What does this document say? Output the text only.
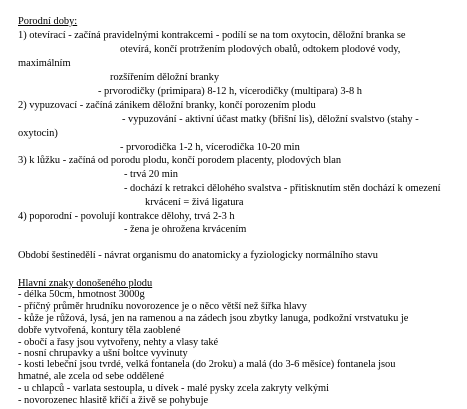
Porodní doby:
1) otevírací - začíná pravidelnými kontrakcemi - podílí se na tom oxytocin, děložní branka se
otevírá, končí protržením plodových obalů, odtokem plodové vody,
maximálním
rozšířením děložní branky
- prvorodičky (primipara) 8-12 h, vícerodičky (multipara) 3-8 h
2) vypuzovací - začíná zánikem děložní branky, končí porozením plodu
- vypuzování - aktivní účast matky (břišní lis), děložní svalstvo (stahy -
oxytocin)
- prvorodička 1-2 h, vícerodička 10-20 min
3) k lůžku - začíná od porodu plodu, končí porodem placenty, plodových blan
- trvá 20 min
- dochází k retrakci dělohého svalstva - přitisknutím stěn dochází k omezení
krvácení = živá ligatura
4) poporodní - povolují kontrakce dělohy, trvá 2-3 h
- žena je ohrožena krvácením
Období šestinedělí - návrat organismu do anatomicky a fyziologicky normálního stavu
Hlavní znaky donošeného plodu
- délka 50cm, hmotnost 3000g
- příčný průměr hrudníku novorozence je o něco větší než šířka hlavy
- kůže je růžová, lysá, jen na ramenou a na zádech jsou zbytky lanuga, podkožní vrstvatuku je
dobře vytvořená, kontury těla zaoblené
- obočí a řasy jsou vytvořeny, nehty a vlasy také
- nosní chrupavky a ušní boltce vyvinuty
- kosti lebeční jsou tvrdé, velká fontanela (do 2roku) a malá (do 3-6 měsíce) fontanela jsou
hmatné, ale zcela od sebe oddělené
- u chlapců - varlata sestoupla, u dívek - malé pysky zcela zakryty velkými
- novorozenec hlasitě křičí a živě se pohybuje
